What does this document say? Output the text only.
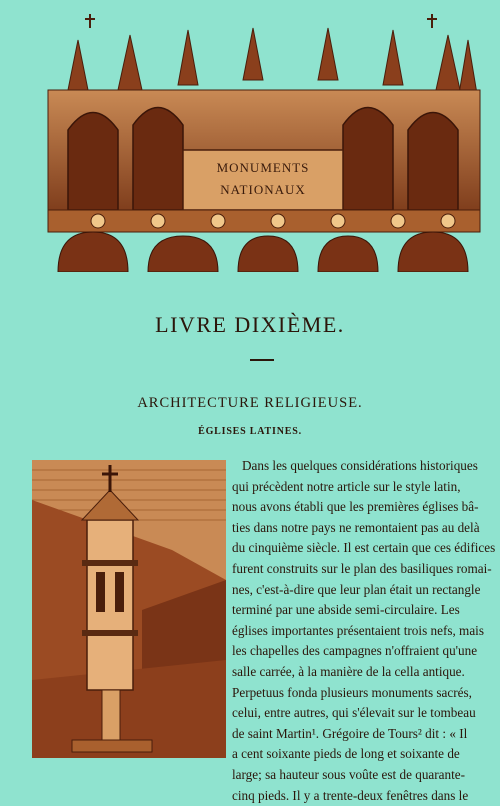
MONUMENTS
NATIONAUX
LIVRE DIXIÈME.
ARCHITECTURE RELIGIEUSE.
ÉGLISES LATINES.
Dans les quelques considérations historiques
qui précèdent notre article sur le style latin,
nous avons établi que les premières églises bâ-
ties dans notre pays ne remontaient pas au delà
du cinquième siècle. Il est certain que ces édifices
furent construits sur le plan des basiliques romai-
nes, c'est-à-dire que leur plan était un rectangle
terminé par une abside semi-circulaire. Les
églises importantes présentaient trois nefs, mais
les chapelles des campagnes n'offraient qu'une
salle carrée, à la manière de la cella antique.
Perpetuus fonda plusieurs monuments sacrés,
celui, entre autres, qui s'élevait sur le tombeau
de saint Martin¹. Grégoire de Tours² dit : « Il
a cent soixante pieds de long et soixante de
large; sa hauteur sous voûte est de quarante-
cinq pieds. Il y a trente-deux fenêtres dans le
